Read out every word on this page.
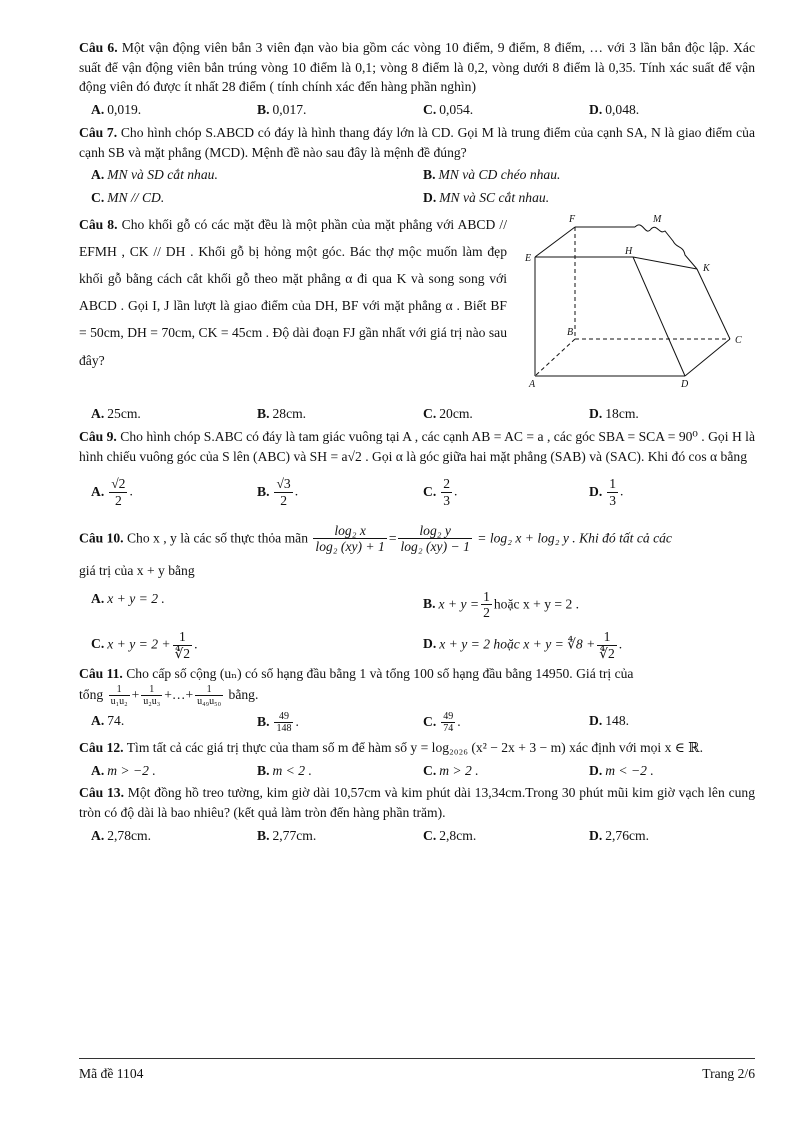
Câu 6. Một vận động viên bắn 3 viên đạn vào bia gồm các vòng 10 điểm, 9 điểm, 8 điểm, … với 3 lần bắn độc lập. Xác suất để vận động viên bắn trúng vòng 10 điểm là 0,1; vòng 8 điểm là 0,2, vòng dưới 8 điểm là 0,35. Tính xác suất để vận động viên đó được ít nhất 28 điểm ( tính chính xác đến hàng phần nghìn)

A. 0,019.	B. 0,017.	C. 0,054.	D. 0,048.

Câu 7. Cho hình chóp S.ABCD có đáy là hình thang đáy lớn là CD. Gọi M là trung điểm của cạnh SA, N là giao điểm của cạnh SB và mặt phẳng (MCD). Mệnh đề nào sau đây là mệnh đề đúng?

A. MN và SD cắt nhau.	B. MN và CD chéo nhau.
C. MN // CD.	D. MN và SC cắt nhau.
Câu 8. Cho khối gỗ có các mặt đều là một phần của mặt phẳng với ABCD // EFMH , CK // DH . Khối gỗ bị hỏng một góc. Bác thợ mộc muốn làm đẹp khối gỗ bằng cách cắt khối gỗ theo mặt phẳng α đi qua K và song song với ABCD . Gọi I, J lần lượt là giao điểm của DH, BF với mặt phẳng α . Biết BF = 50cm, DH = 70cm, CK = 45cm . Độ dài đoạn FJ gần nhất với giá trị nào sau đây?
F	M
E
H
K
B
C
A	D
A. 25cm.	B. 28cm.	C. 20cm.	D. 18cm.

Câu 9. Cho hình chóp S.ABC có đáy là tam giác vuông tại A , các cạnh AB = AC = a , các góc SBA = SCA = 90⁰ . Gọi H là hình chiếu vuông góc của S lên (ABC) và SH = a√2 . Gọi α là góc giữa hai mặt phẳng (SAB) và (SAC). Khi đó cos α bằng

A. $\frac{√2}{2}$ .	B. $\frac{√3}{2}$ .	C. $\frac{2}{3}$ .	D. $\frac{1}{3}$ .

Câu 10. Cho x , y là các số thực thỏa mãn $\frac{\text{log₂ x}}{\text{log₂ (xy) + 1}} = \frac{\text{log₂ y}}{\text{log₂ (xy) − 1}} = \log_2$ x + log₂ y . Khi đó tất cả các

giá trị của x + y bằng

A. x + y = 2 .	B. $x + y = \frac{1}{2}$ hoặc x + y = 2 .
C. $x + y = 2 + \frac{1}{∜2}$ .	D. x + y = 2 hoặc x + y = ∜8 + $\frac{1}{∜2}$ .

Câu 11. Cho cấp số cộng (uₙ) có số hạng đầu bằng 1 và tổng 100 số hạng đầu bằng 14950. Giá trị của

tổng $\frac{1}{\text{u₁u₂}} + \frac{1}{\text{u₂u₃}}$ +…+ $\frac{1}{\text{u₄₉u₅₀}}$ bằng.

A. 74.	B. $\frac{49}{148}$ .	C. $\frac{49}{74}$ .	D. 148.

Câu 12. Tìm tất cả các giá trị thực của tham số m để hàm số y = log₂₀₂₆ (x² − 2x + 3 − m) xác định với mọi x ∈ ℝ.

A. m > −2 .	B. m < 2 .	C. m > 2 .	D. m < −2 .

Câu 13. Một đồng hồ treo tường, kim giờ dài 10,57cm và kim phút dài 13,34cm.Trong 30 phút mũi kim giờ vạch lên cung tròn có độ dài là bao nhiêu? (kết quả làm tròn đến hàng phần trăm).

A. 2,78cm.	B. 2,77cm.	C. 2,8cm.	D. 2,76cm.
Mã đề 1104	Trang 2/6
